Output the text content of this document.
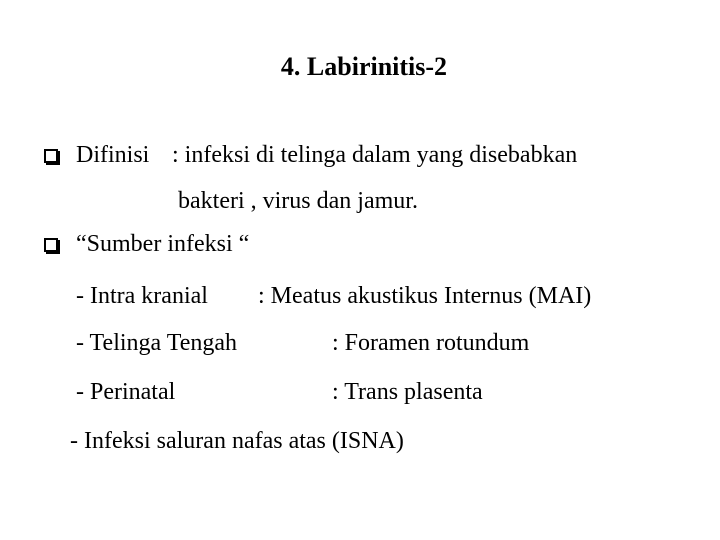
4. Labirinitis-2
Difinisi : infeksi di telinga dalam yang disebabkan
bakteri , virus dan jamur.
“Sumber infeksi “
- Intra kranial : Meatus akustikus Internus (MAI)
- Telinga Tengah	: Foramen rotundum
- Perinatal	: Trans plasenta
- Infeksi saluran nafas atas (ISNA)
